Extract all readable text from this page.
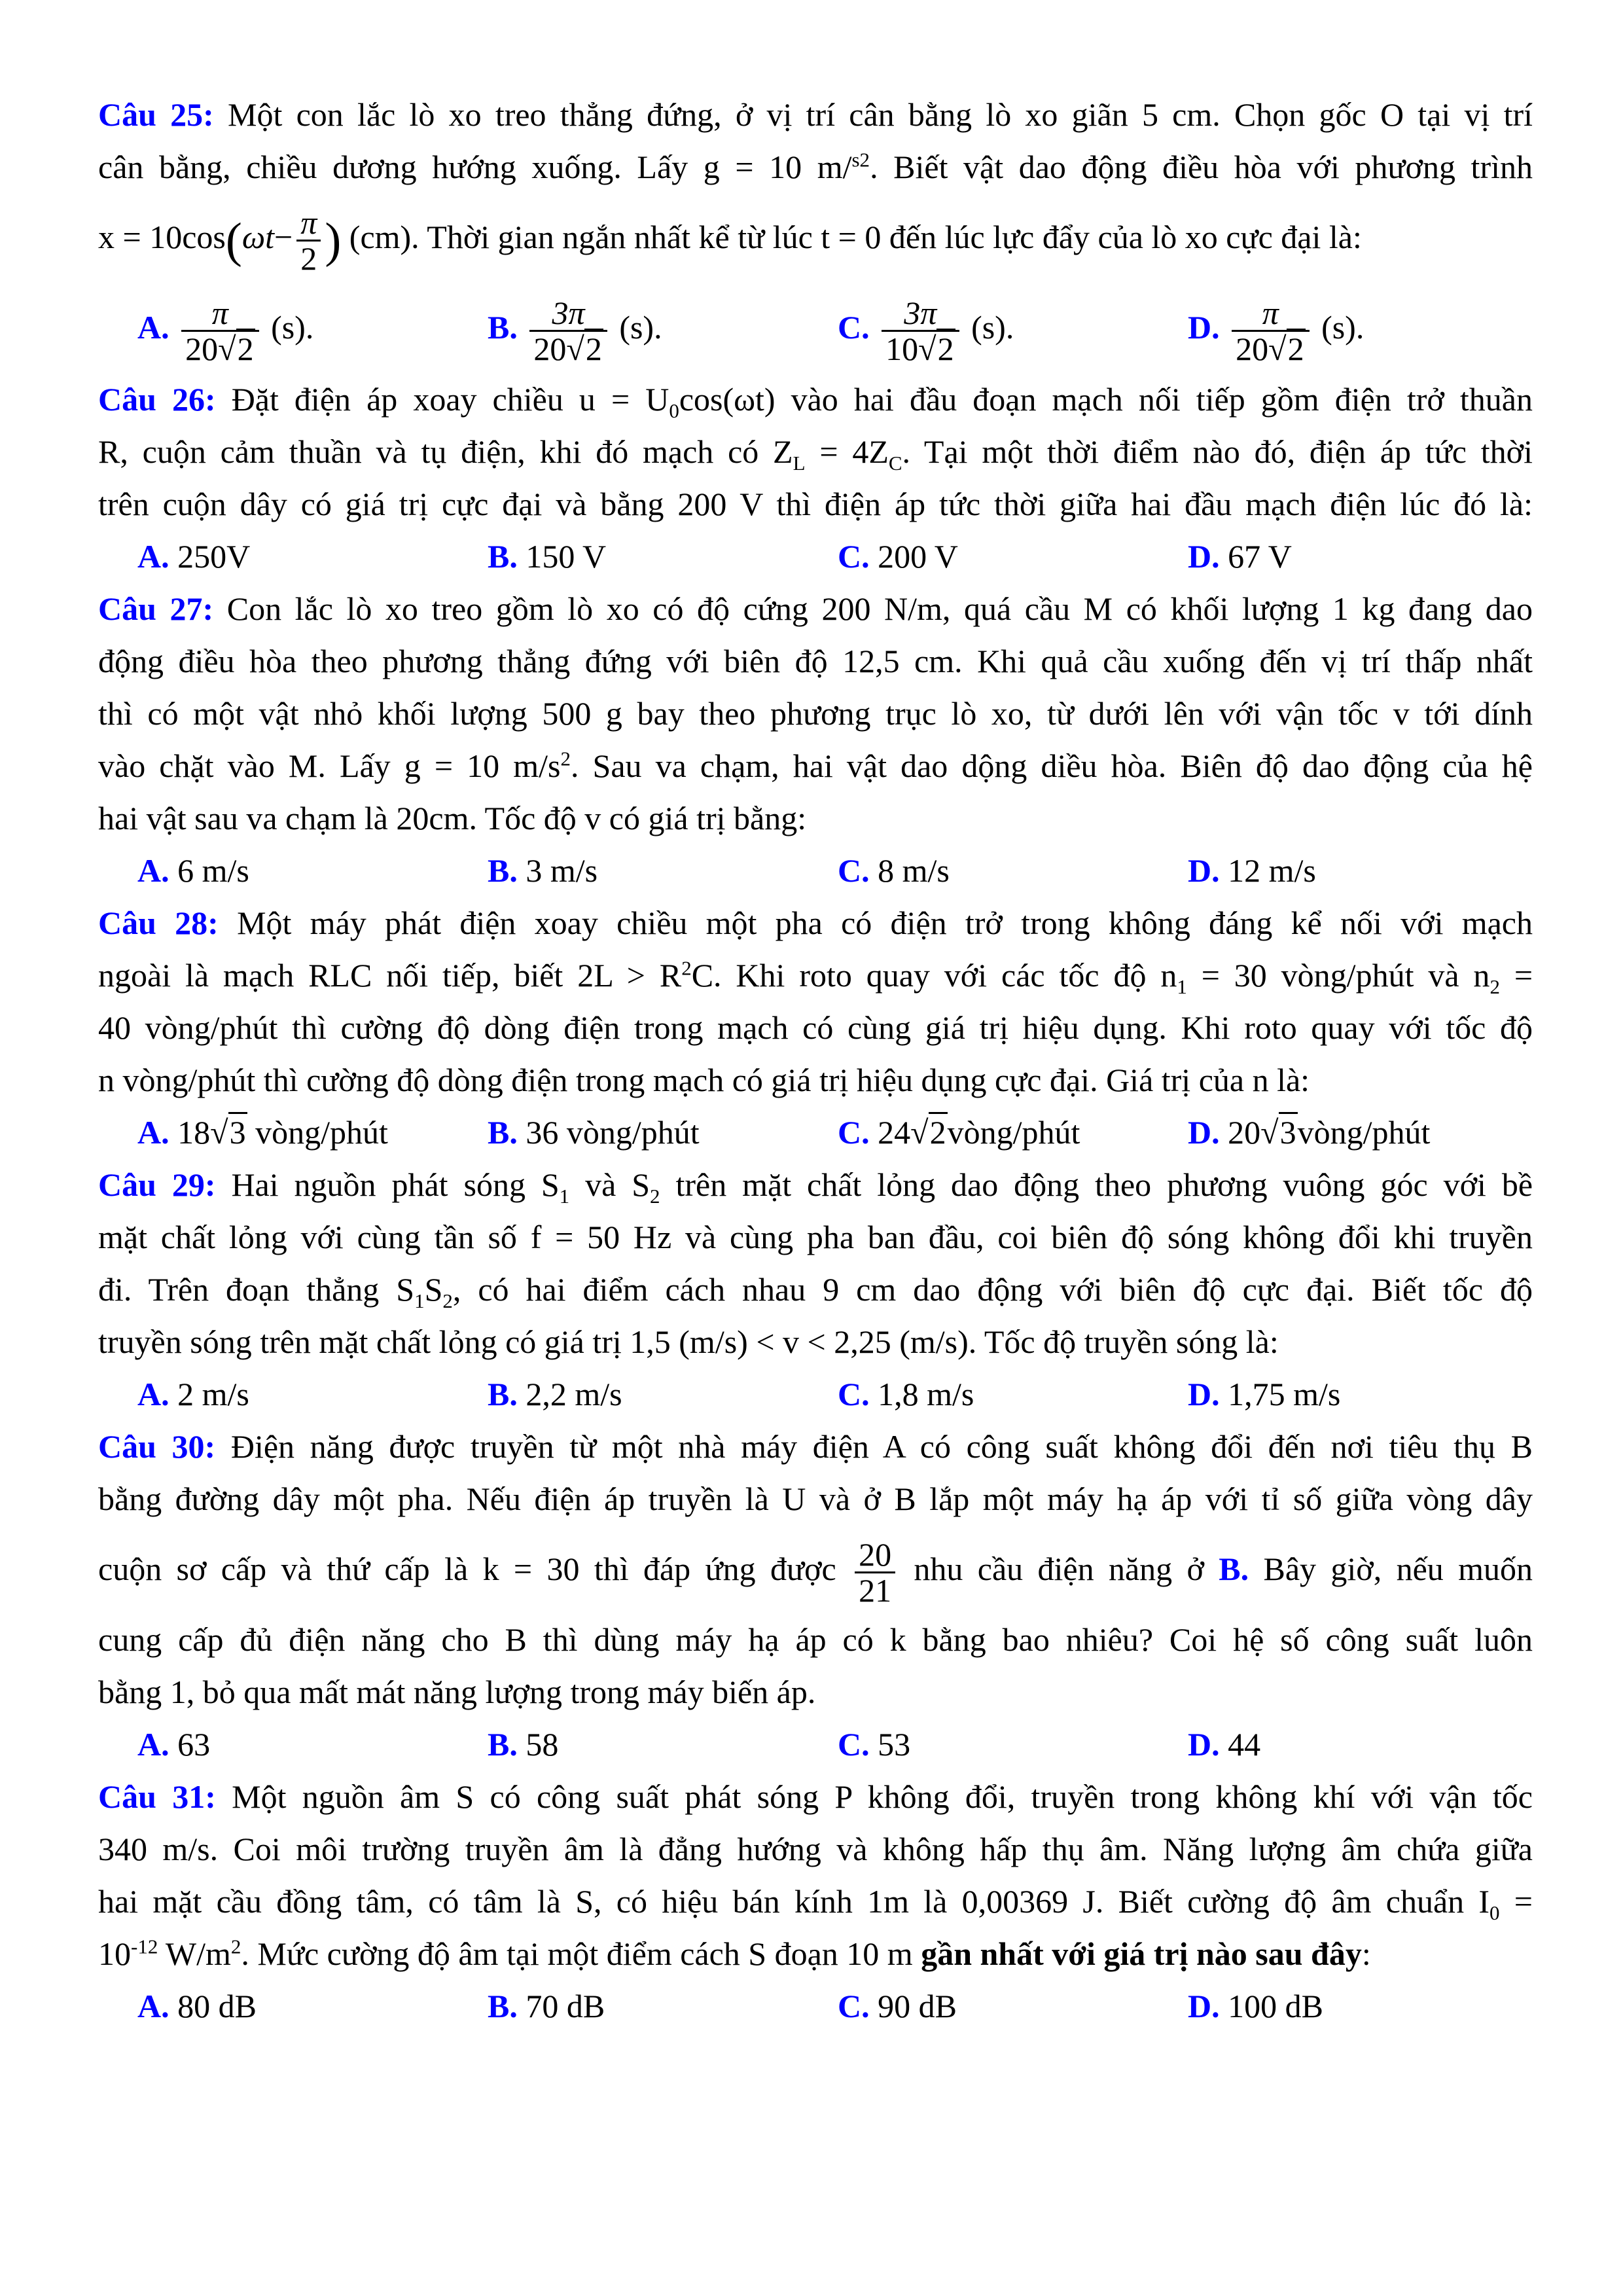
Câu 25: Một con lắc lò xo treo thẳng đứng, ở vị trí cân bằng lò xo giãn 5 cm. Chọn gốc O tại vị trí
cân bằng, chiều dương hướng xuống. Lấy g = 10 m/$^{s2}$. Biết vật dao động điều hòa với phương trình
$x = 10\cos(\omega t- \frac{\pi}{2}$ ) (cm). Thời gian ngắn nhất kể từ lúc t = 0 đến lúc lực đẩy của lò xo cực đại là:
A. $\frac{\pi}{20√2} (s)$.	B. $\frac{3\pi}{20√2} (s)$.	C. $\frac{3\pi}{10√2} (s)$.	D. $\frac{\pi}{20√2} (s)$.
Câu 26: Đặt điện áp xoay chiều $u = U_0\cos(\omega t)$ vào hai đầu đoạn mạch nối tiếp gồm điện trở thuần
R, cuộn cảm thuần và tụ điện, khi đó mạch có $Z_L = 4Z_C$. Tại một thời điểm nào đó, điện áp tức thời
trên cuộn dây có giá trị cực đại và bằng 200 V thì điện áp tức thời giữa hai đầu mạch điện lúc đó là:
A. 250V	B. 150 V	C. 200 V	D. 67 V
Câu 27: Con lắc lò xo treo gồm lò xo có độ cứng 200 N/m, quá cầu M có khối lượng 1 kg đang dao
động điều hòa theo phương thẳng đứng với biên độ 12,5 cm. Khi quả cầu xuống đến vị trí thấp nhất
thì có một vật nhỏ khối lượng 500 g bay theo phương trục lò xo, từ dưới lên với vận tốc v tới dính
vào chặt vào M. Lấy g = 10 $m/s^2$. Sau va chạm, hai vật dao dộng diều hòa. Biên độ dao động của hệ
hai vật sau va chạm là 20cm. Tốc độ v có giá trị bằng:
A. 6 m/s	B. 3 m/s	C. 8 m/s	D. 12 m/s
Câu 28: Một máy phát điện xoay chiều một pha có điện trở trong không đáng kể nối với mạch
ngoài là mạch RLC nối tiếp, biết $2L > R^2C$. Khi roto quay với các tốc độ $n_1 = 30$ vòng/phút và $n_2$ =
40 vòng/phút thì cường độ dòng điện trong mạch có cùng giá trị hiệu dụng. Khi roto quay với tốc độ
n vòng/phút thì cường độ dòng điện trong mạch có giá trị hiệu dụng cực đại. Giá trị của n là:
A. 18√3 vòng/phút	B. 36 vòng/phút	C. 24√2vòng/phút	D. 20√3vòng/phút
Câu 29: Hai nguồn phát sóng $S_1$ và $S_2$ trên mặt chất lỏng dao động theo phương vuông góc với bề
mặt chất lỏng với cùng tần số f = 50 Hz và cùng pha ban đầu, coi biên độ sóng không đổi khi truyền
đi. Trên đoạn thẳng $S_1S_2$, có hai điểm cách nhau 9 cm dao động với biên độ cực đại. Biết tốc độ
truyền sóng trên mặt chất lỏng có giá trị 1,5 (m/s) < v < 2,25 (m/s). Tốc độ truyền sóng là:
A. 2 m/s	B. 2,2 m/s	C. 1,8 m/s	D. 1,75 m/s
Câu 30: Điện năng được truyền từ một nhà máy điện A có công suất không đổi đến nơi tiêu thụ B
bằng đường dây một pha. Nếu điện áp truyền là U và ở B lắp một máy hạ áp với tỉ số giữa vòng dây
cuộn sơ cấp và thứ cấp là k = 30 thì đáp ứng được $\frac{20}{21}$ nhu cầu điện năng ở B. Bây giờ, nếu muốn
cung cấp đủ điện năng cho B thì dùng máy hạ áp có k bằng bao nhiêu? Coi hệ số công suất luôn
bằng 1, bỏ qua mất mát năng lượng trong máy biến áp.
A. 63	B. 58	C. 53	D. 44
Câu 31: Một nguồn âm S có công suất phát sóng P không đổi, truyền trong không khí với vận tốc
340 m/s. Coi môi trường truyền âm là đẳng hướng và không hấp thụ âm. Năng lượng âm chứa giữa
hai mặt cầu đồng tâm, có tâm là S, có hiệu bán kính 1m là 0,00369 J. Biết cường độ âm chuẩn $I_0$ =
$10^{-12}$ $W/m^2$. Mức cường độ âm tại một điểm cách S đoạn 10 m gần nhất với giá trị nào sau đây:
A. 80 dB	B. 70 dB	C. 90 dB	D. 100 dB
